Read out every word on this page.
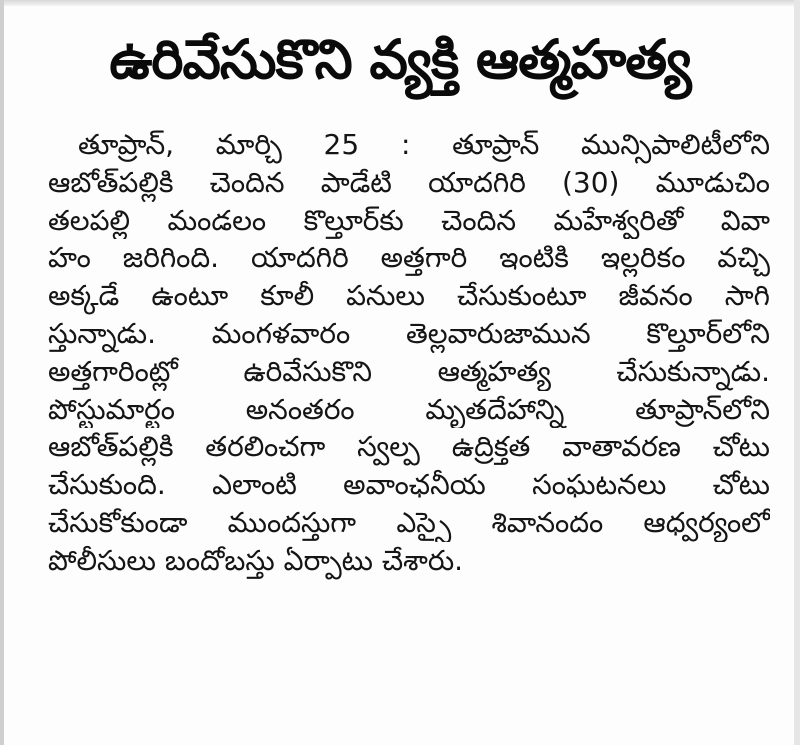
ఉరివేసుకొని వ్యక్తి ఆత్మహత్య
తూప్రాన్, మార్చి 25 : తూప్రాన్ మున్సిపాలిటీలోని
ఆబోత్‌పల్లికి చెందిన పాడేటి యాదగిరి (30) మూడుచిం
తలపల్లి మండలం కొల్తూర్‌కు చెందిన మహేశ్వరితో వివా
హం జరిగింది. యాదగిరి అత్తగారి ఇంటికి ఇల్లరికం వచ్చి
అక్కడే ఉంటూ కూలీ పనులు చేసుకుంటూ జీవనం సాగి
స్తున్నాడు. మంగళవారం తెల్లవారుజామున కొల్తూర్‌లోని
అత్తగారింట్లో ఉరివేసుకొని ఆత్మహత్య చేసుకున్నాడు.
పోస్టుమార్టం అనంతరం మృతదేహాన్ని తూప్రాన్‌లోని
ఆబోత్‌పల్లికి తరలించగా స్వల్ప ఉద్రిక్తత వాతావరణ చోటు
చేసుకుంది. ఎలాంటి అవాంఛనీయ సంఘటనలు చోటు
చేసుకోకుండా ముందస్తుగా ఎస్సై శివానందం ఆధ్వర్యంలో
పోలీసులు బందోబస్తు ఏర్పాటు చేశారు.
